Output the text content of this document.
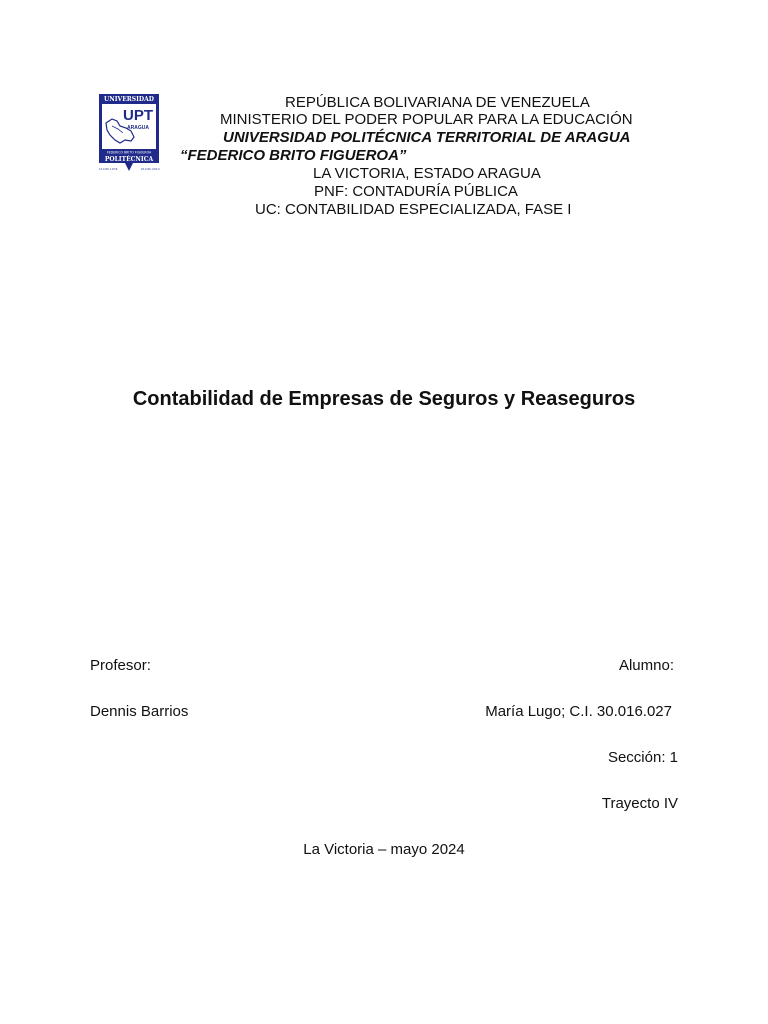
UNIVERSIDAD
UPT
ARAGUA
FEDERICO BRITO FIGUEROA
POLITÉCNICA
12.DIC.1974	16.DIC.2010
REPÚBLICA BOLIVARIANA DE VENEZUELA
MINISTERIO DEL PODER POPULAR PARA LA EDUCACIÓN
UNIVERSIDAD POLITÉCNICA TERRITORIAL DE ARAGUA
“FEDERICO BRITO FIGUEROA”
LA VICTORIA, ESTADO ARAGUA
PNF: CONTADURÍA PÚBLICA
UC: CONTABILIDAD ESPECIALIZADA, FASE I
Contabilidad de Empresas de Seguros y Reaseguros
Profesor:
Dennis Barrios
Alumno:
María Lugo; C.I. 30.016.027
Sección: 1
Trayecto IV
La Victoria – mayo 2024
